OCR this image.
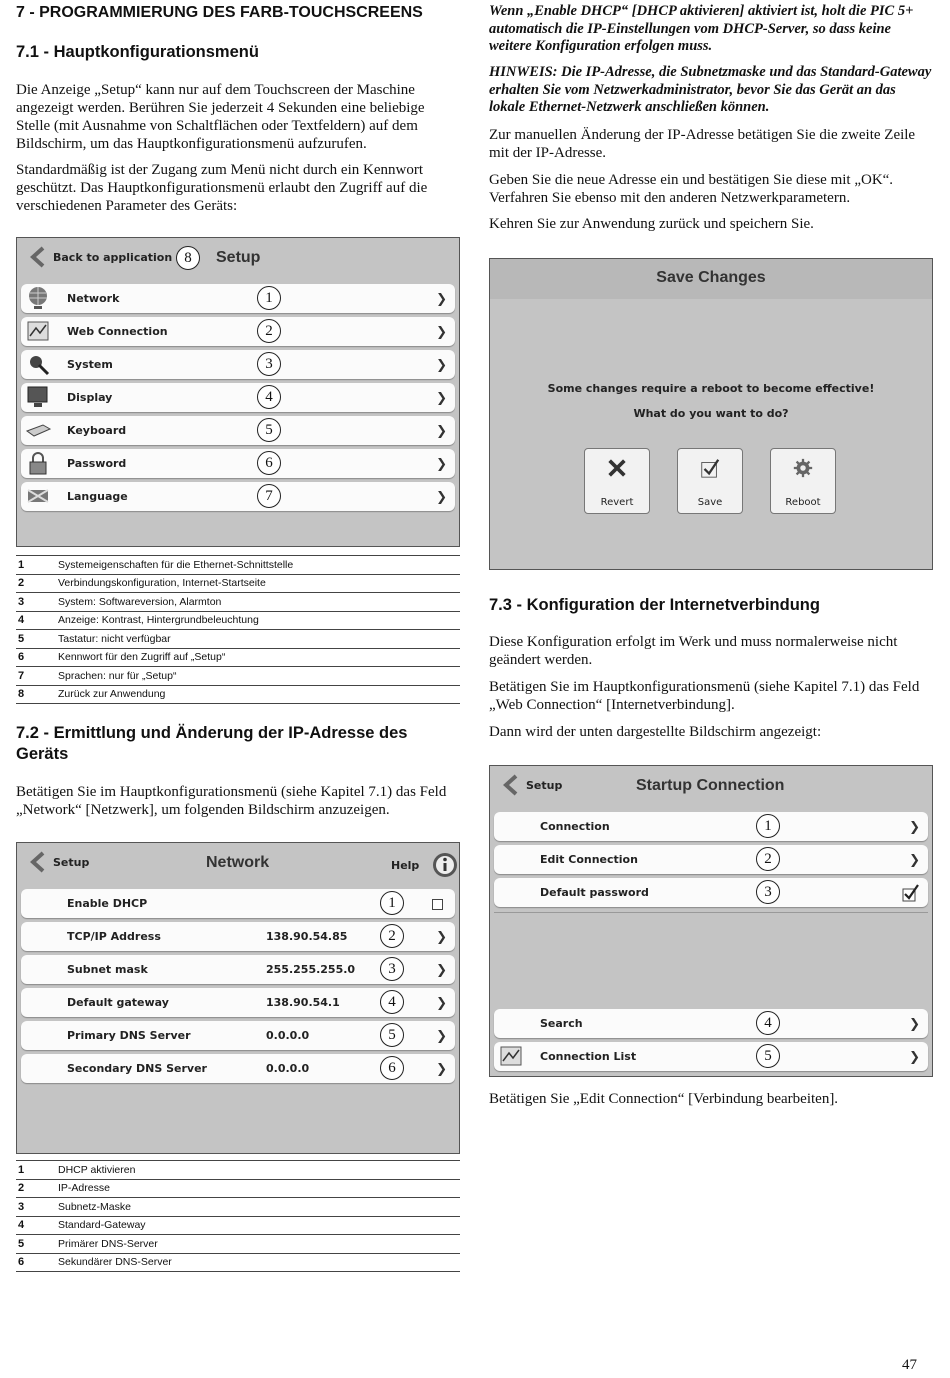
7 - PROGRAMMIERUNG DES FARB-TOUCHSCREENS
7.1 - Hauptkonfigurationsmenü

Die Anzeige „Setup“ kann nur auf dem Touchscreen der Maschine angezeigt werden. Berühren Sie jederzeit 4 Sekunden eine beliebige Stelle (mit Ausnahme von Schaltflächen oder Textfeldern) auf dem Bildschirm, um das Hauptkonfigurationsmenü aufzurufen.

Standardmäßig ist der Zugang zum Menü nicht durch ein Kennwort geschützt. Das Hauptkonfigurationsmenü erlaubt den Zugriff auf die verschiedenen Parameter des Geräts:

Back to application 8	Setup
Network	1	❯
Web Connection	2	❯
System	3	❯
Display	4	❯
Keyboard	5	❯
Password	6	❯
Language	7	❯
1	Systemeigenschaften für die Ethernet-Schnittstelle
2	Verbindungskonfiguration, Internet-Startseite
3	System: Softwareversion, Alarmton
4	Anzeige: Kontrast, Hintergrundbeleuchtung
5	Tastatur: nicht verfügbar
6	Kennwort für den Zugriff auf „Setup“
7	Sprachen: nur für „Setup“
8	Zurück zur Anwendung
7.2 - Ermittlung und Änderung der IP-Adresse des Geräts

Betätigen Sie im Hauptkonfigurationsmenü (siehe Kapitel 7.1) das Feld „Network“ [Netzwerk], um folgenden Bildschirm anzuzeigen.

Setup	Network	Help
Enable DHCP	1
TCP/IP Address	138.90.54.85	2	❯
Subnet mask	255.255.255.0	3	❯
Default gateway	138.90.54.1	4	❯
Primary DNS Server	0.0.0.0	5	❯
Secondary DNS Server	0.0.0.0	6	❯
1	DHCP aktivieren
2	IP-Adresse
3	Subnetz-Maske
4	Standard-Gateway
5	Primärer DNS-Server
6	Sekundärer DNS-Server

Wenn „Enable DHCP“ [DHCP aktivieren] aktiviert ist, holt die PIC 5+ automatisch die IP-Einstellungen vom DHCP-Server, so dass keine weitere Konfiguration erfolgen muss.

HINWEIS: Die IP-Adresse, die Subnetzmaske und das Standard-Gateway erhalten Sie vom Netzwerkadministrator, bevor Sie das Gerät an das lokale Ethernet-Netzwerk anschließen können.

Zur manuellen Änderung der IP-Adresse betätigen Sie die zweite Zeile mit der IP-Adresse.

Geben Sie die neue Adresse ein und bestätigen Sie diese mit „OK“. Verfahren Sie ebenso mit den anderen Netzwerkparametern.

Kehren Sie zur Anwendung zurück und speichern Sie.

Save Changes
Some changes require a reboot to become effective!
What do you want to do?
Revert	Save	Reboot
7.3 - Konfiguration der Internetverbindung

Diese Konfiguration erfolgt im Werk und muss normalerweise nicht geändert werden.

Betätigen Sie im Hauptkonfigurationsmenü (siehe Kapitel 7.1) das Feld „Web Connection“ [Internetverbindung].

Dann wird der unten dargestellte Bildschirm angezeigt:

Setup	Startup Connection
Connection	1	❯
Edit Connection	2	❯
Default password	3
Search	4	❯
Connection List	5	❯

Betätigen Sie „Edit Connection“ [Verbindung bearbeiten].

47
